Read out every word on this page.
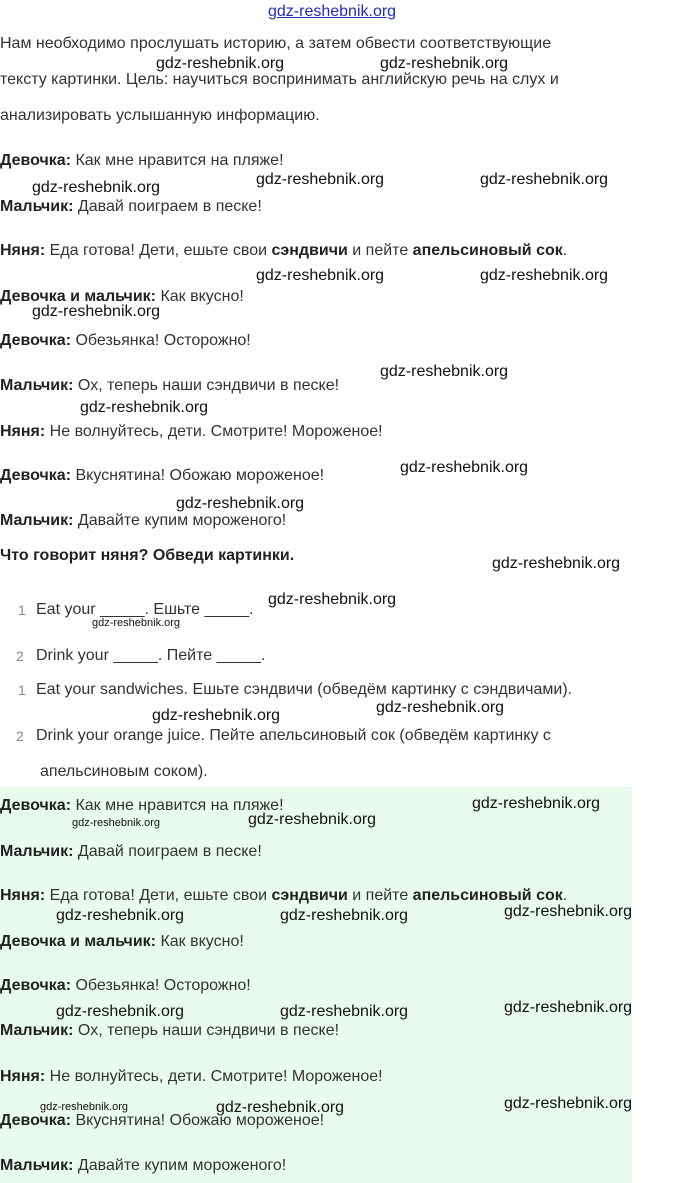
gdz-reshebnik.org
Нам необходимо прослушать историю, а затем обвести соответствующие
тексту картинки. Цель: научиться воспринимать английскую речь на слух и
анализировать услышанную информацию.
Девочка: Как мне нравится на пляже!
Мальчик: Давай поиграем в песке!
Няня: Еда готова! Дети, ешьте свои сэндвичи и пейте апельсиновый сок.
Девочка и мальчик: Как вкусно!
Девочка: Обезьянка! Осторожно!
Мальчик: Ох, теперь наши сэндвичи в песке!
Няня: Не волнуйтесь, дети. Смотрите! Мороженое!
Девочка: Вкуснятина! Обожаю мороженое!
Мальчик: Давайте купим мороженого!
Что говорит няня? Обведи картинки.
1 Eat your _____. Ешьте _____.
2 Drink your _____. Пейте _____.
1 Eat your sandwiches. Ешьте сэндвичи (обведём картинку с сэндвичами).
2 Drink your orange juice. Пейте апельсиновый сок (обведём картинку с
апельсиновым соком).
Девочка: Как мне нравится на пляже!
Мальчик: Давай поиграем в песке!
Няня: Еда готова! Дети, ешьте свои сэндвичи и пейте апельсиновый сок.
Девочка и мальчик: Как вкусно!
Девочка: Обезьянка! Осторожно!
Мальчик: Ох, теперь наши сэндвичи в песке!
Няня: Не волнуйтесь, дети. Смотрите! Мороженое!
Девочка: Вкуснятина! Обожаю мороженое!
Мальчик: Давайте купим мороженого!
gdz-reshebnik.org	gdz-reshebnik.org
gdz-reshebnik.org	gdz-reshebnik.org	gdz-reshebnik.org
gdz-reshebnik.org	gdz-reshebnik.org
gdz-reshebnik.org
gdz-reshebnik.org
gdz-reshebnik.org
gdz-reshebnik.org
gdz-reshebnik.org
gdz-reshebnik.org
gdz-reshebnik.org
gdz-reshebnik.org
gdz-reshebnik.org
gdz-reshebnik.org
gdz-reshebnik.org
gdz-reshebnik.org	gdz-reshebnik.org
gdz-reshebnik.org
gdz-reshebnik.org	gdz-reshebnik.org
gdz-reshebnik.org
gdz-reshebnik.org	gdz-reshebnik.org
gdz-reshebnik.org
gdz-reshebnik.org	gdz-reshebnik.org
